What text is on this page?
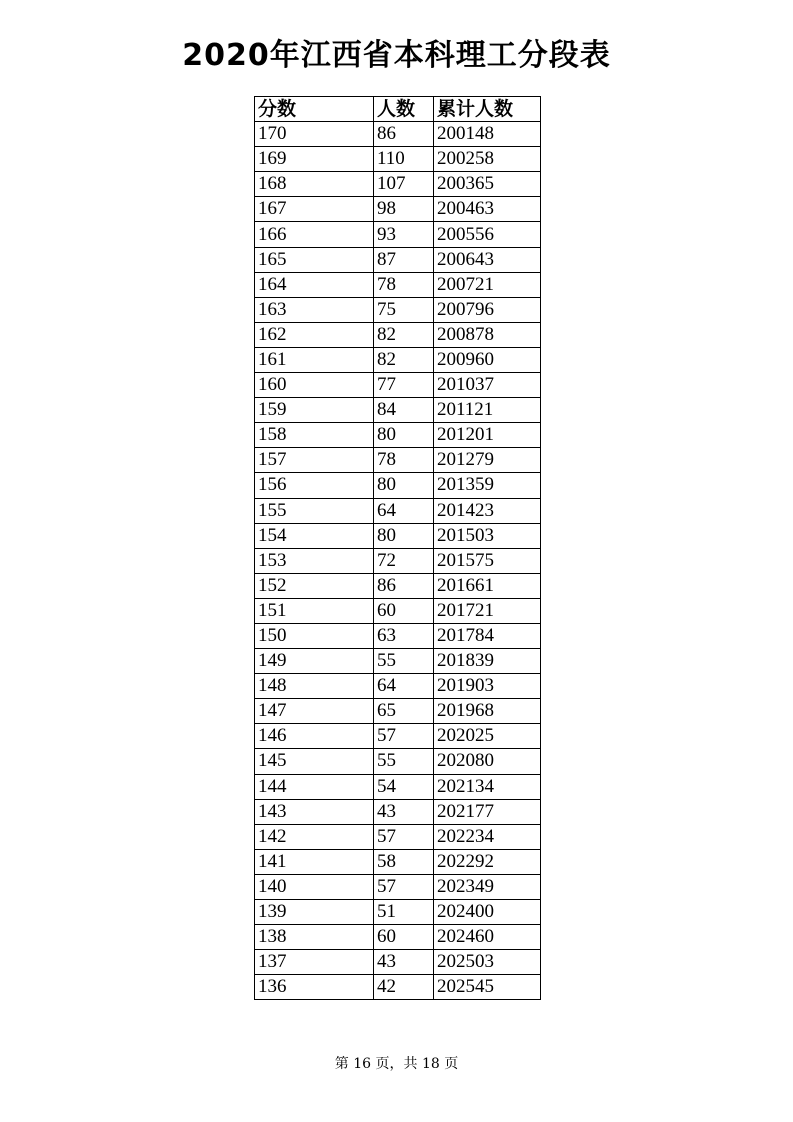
2020年江西省本科理工分段表
分数	人数	累计人数
170	86	200148
169	110	200258
168	107	200365
167	98	200463
166	93	200556
165	87	200643
164	78	200721
163	75	200796
162	82	200878
161	82	200960
160	77	201037
159	84	201121
158	80	201201
157	78	201279
156	80	201359
155	64	201423
154	80	201503
153	72	201575
152	86	201661
151	60	201721
150	63	201784
149	55	201839
148	64	201903
147	65	201968
146	57	202025
145	55	202080
144	54	202134
143	43	202177
142	57	202234
141	58	202292
140	57	202349
139	51	202400
138	60	202460
137	43	202503
136	42	202545
第 16 页，共 18 页
